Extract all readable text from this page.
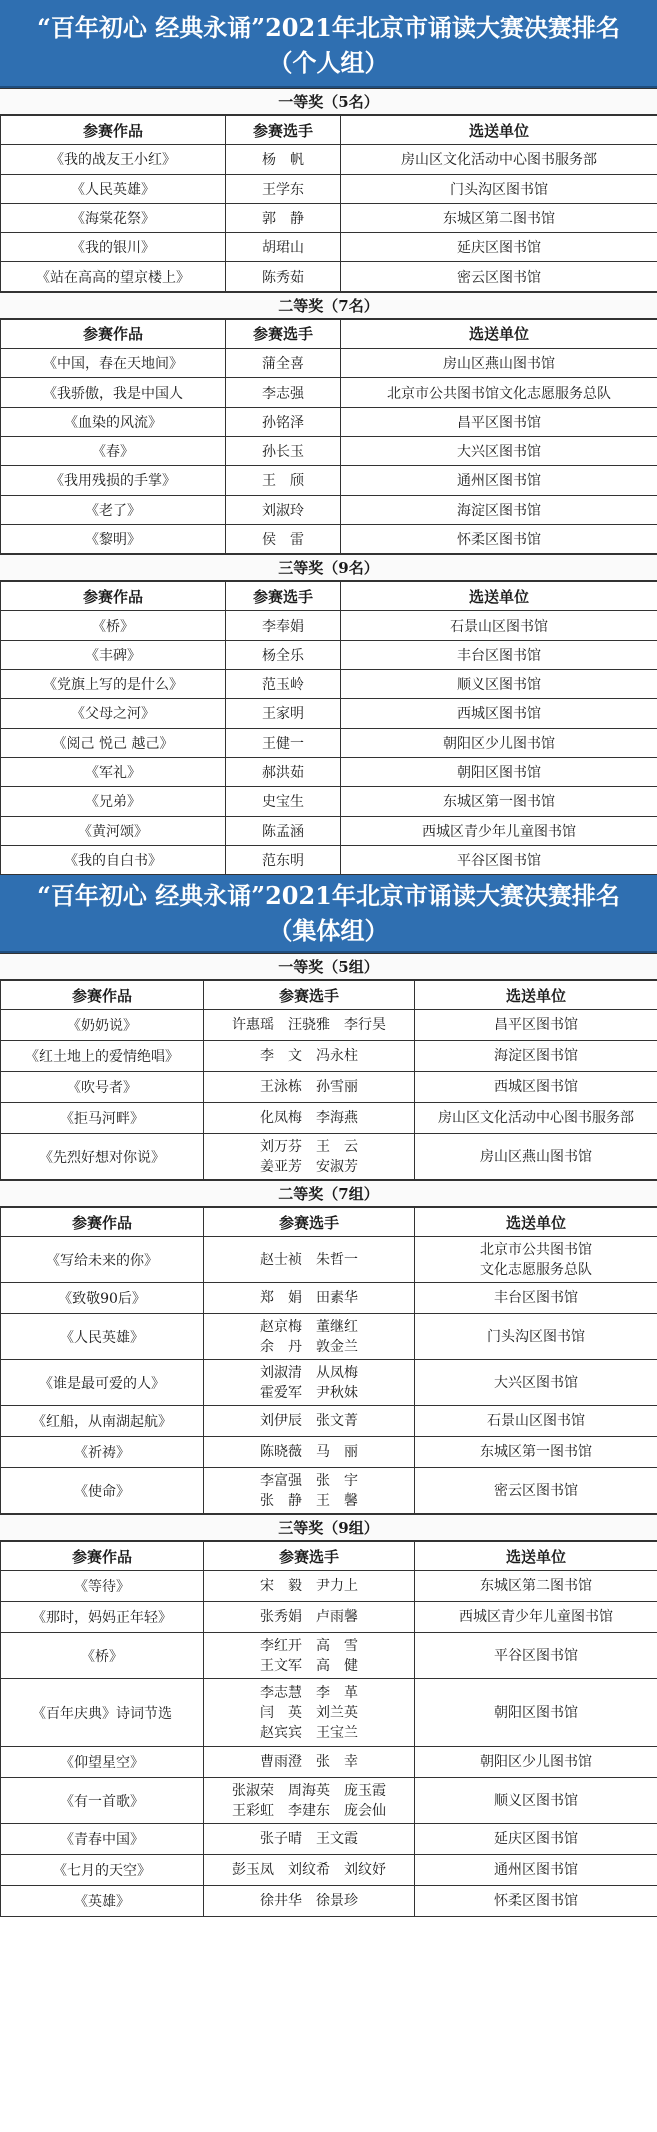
“百年初心 经典永诵”2021年北京市诵读大赛决赛排名
（个人组）
一等奖（5名）
参赛作品	参赛选手	选送单位
《我的战友王小红》	杨　帆	房山区文化活动中心图书服务部
《人民英雄》	王学东	门头沟区图书馆
《海棠花祭》	郭　静	东城区第二图书馆
《我的银川》	胡珺山	延庆区图书馆
《站在高高的望京楼上》	陈秀茹	密云区图书馆
二等奖（7名）
参赛作品	参赛选手	选送单位
《中国，春在天地间》	蒲全喜	房山区燕山图书馆
《我骄傲，我是中国人	李志强	北京市公共图书馆文化志愿服务总队
《血染的风流》	孙铭泽	昌平区图书馆
《春》	孙长玉	大兴区图书馆
《我用残损的手掌》	王　颀	通州区图书馆
《老了》	刘淑玲	海淀区图书馆
《黎明》	侯　雷	怀柔区图书馆
三等奖（9名）
参赛作品	参赛选手	选送单位
《桥》	李奉娟	石景山区图书馆
《丰碑》	杨全乐	丰台区图书馆
《党旗上写的是什么》	范玉岭	顺义区图书馆
《父母之河》	王家明	西城区图书馆
《阅己 悦己 越己》	王健一	朝阳区少儿图书馆
《军礼》	郝洪茹	朝阳区图书馆
《兄弟》	史宝生	东城区第一图书馆
《黄河颂》	陈孟涵	西城区青少年儿童图书馆
《我的自白书》	范东明	平谷区图书馆
“百年初心 经典永诵”2021年北京市诵读大赛决赛排名
（集体组）
一等奖（5组）
参赛作品	参赛选手	选送单位
《奶奶说》	许惠瑶　汪骁雅　李行昊	昌平区图书馆

《红土地上的爱情绝唱》	李　文　冯永柱	海淀区图书馆

《吹号者》	王泳栋　孙雪丽	西城区图书馆

《拒马河畔》	化凤梅　李海燕	房山区文化活动中心图书服务部

《先烈好想对你说》	刘万芬　王　云
姜亚芳　安淑芳	房山区燕山图书馆
二等奖（7组）
参赛作品	参赛选手	选送单位
《写给未来的你》	赵士祯　朱哲一	北京市公共图书馆
文化志愿服务总队

《致敬90后》	郑　娟　田素华	丰台区图书馆

《人民英雄》	赵京梅　董继红
余　丹　敦金兰	门头沟区图书馆

《谁是最可爱的人》	刘淑清　从凤梅
霍爱军　尹秋妹	大兴区图书馆

《红船，从南湖起航》	刘伊辰　张文菁	石景山区图书馆

《祈祷》	陈晓薇　马　丽	东城区第一图书馆

《使命》	李富强　张　宇
张　静　王　馨	密云区图书馆
三等奖（9组）
参赛作品	参赛选手	选送单位
《等待》	宋　毅　尹力上	东城区第二图书馆

《那时，妈妈正年轻》	张秀娟　卢雨馨	西城区青少年儿童图书馆

《桥》	李红开　高　雪
王文军　高　健	平谷区图书馆

《百年庆典》诗词节选	李志慧　李　革
闫　英　刘兰英
赵宾宾　王宝兰	朝阳区图书馆

《仰望星空》	曹雨澄　张　幸	朝阳区少儿图书馆

《有一首歌》	张淑荣　周海英　庞玉霞
王彩虹　李建东　庞会仙	顺义区图书馆

《青春中国》	张子晴　王文霞	延庆区图书馆

《七月的天空》	彭玉凤　刘纹希　刘纹妤	通州区图书馆

《英雄》	徐井华　徐景珍	怀柔区图书馆
